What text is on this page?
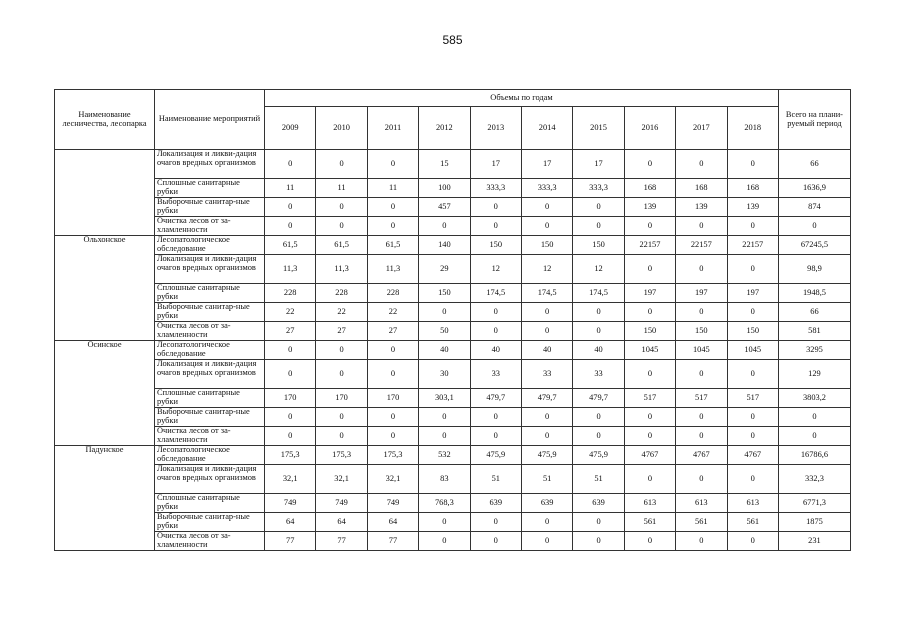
585
Наименование лесничества, лесопарка	Наименование мероприятий	Объемы по годам										Всего на плани-руемый период
		2009	2010	2011	2012	2013	2014	2015	2016	2017	2018	
	Локализация и ликви-дация очагов вредных организмов	0	0	0	15	17	17	17	0	0	0	66
	Сплошные санитарные рубки	11	11	11	100	333,3	333,3	333,3	168	168	168	1636,9
	Выборочные санитар-ные рубки	0	0	0	457	0	0	0	139	139	139	874
	Очистка лесов от за-хламленности	0	0	0	0	0	0	0	0	0	0	0
Ольхонское	Лесопатологическое обследование	61,5	61,5	61,5	140	150	150	150	22157	22157	22157	67245,5
	Локализация и ликви-дация очагов вредных организмов	11,3	11,3	11,3	29	12	12	12	0	0	0	98,9
	Сплошные санитарные рубки	228	228	228	150	174,5	174,5	174,5	197	197	197	1948,5
	Выборочные санитар-ные рубки	22	22	22	0	0	0	0	0	0	0	66
	Очистка лесов от за-хламленности	27	27	27	50	0	0	0	150	150	150	581
Осинское	Лесопатологическое обследование	0	0	0	40	40	40	40	1045	1045	1045	3295
	Локализация и ликви-дация очагов вредных организмов	0	0	0	30	33	33	33	0	0	0	129
	Сплошные санитарные рубки	170	170	170	303,1	479,7	479,7	479,7	517	517	517	3803,2
	Выборочные санитар-ные рубки	0	0	0	0	0	0	0	0	0	0	0
	Очистка лесов от за-хламленности	0	0	0	0	0	0	0	0	0	0	0
Падунское	Лесопатологическое обследование	175,3	175,3	175,3	532	475,9	475,9	475,9	4767	4767	4767	16786,6
	Локализация и ликви-дация очагов вредных организмов	32,1	32,1	32,1	83	51	51	51	0	0	0	332,3
	Сплошные санитарные рубки	749	749	749	768,3	639	639	639	613	613	613	6771,3
	Выборочные санитар-ные рубки	64	64	64	0	0	0	0	561	561	561	1875
	Очистка лесов от за-хламленности	77	77	77	0	0	0	0	0	0	0	231
